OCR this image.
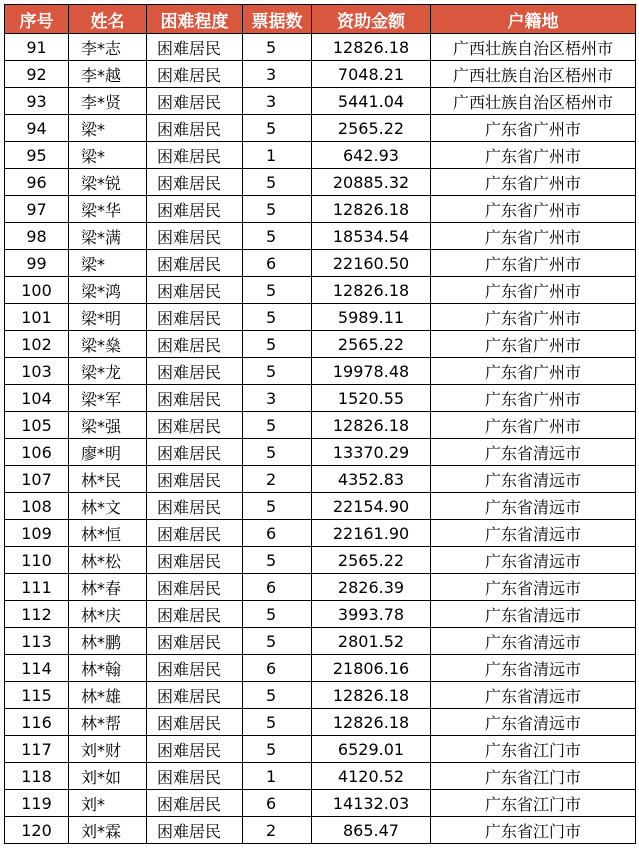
序号	姓名	困难程度	票据数	资助金额	户籍地
91	李*志	困难居民	5	12826.18	广西壮族自治区梧州市
92	李*越	困难居民	3	7048.21	广西壮族自治区梧州市
93	李*贤	困难居民	3	5441.04	广西壮族自治区梧州市
94	梁*	困难居民	5	2565.22	广东省广州市
95	梁*	困难居民	1	642.93	广东省广州市
96	梁*锐	困难居民	5	20885.32	广东省广州市
97	梁*华	困难居民	5	12826.18	广东省广州市
98	梁*满	困难居民	5	18534.54	广东省广州市
99	梁*	困难居民	6	22160.50	广东省广州市
100	梁*鸿	困难居民	5	12826.18	广东省广州市
101	梁*明	困难居民	5	5989.11	广东省广州市
102	梁*燊	困难居民	5	2565.22	广东省广州市
103	梁*龙	困难居民	5	19978.48	广东省广州市
104	梁*军	困难居民	3	1520.55	广东省广州市
105	梁*强	困难居民	5	12826.18	广东省广州市
106	廖*明	困难居民	5	13370.29	广东省清远市
107	林*民	困难居民	2	4352.83	广东省清远市
108	林*文	困难居民	5	22154.90	广东省清远市
109	林*恒	困难居民	6	22161.90	广东省清远市
110	林*松	困难居民	5	2565.22	广东省清远市
111	林*春	困难居民	6	2826.39	广东省清远市
112	林*庆	困难居民	5	3993.78	广东省清远市
113	林*鹏	困难居民	5	2801.52	广东省清远市
114	林*翰	困难居民	6	21806.16	广东省清远市
115	林*雄	困难居民	5	12826.18	广东省清远市
116	林*帮	困难居民	5	12826.18	广东省清远市
117	刘*财	困难居民	5	6529.01	广东省江门市
118	刘*如	困难居民	1	4120.52	广东省江门市
119	刘*	困难居民	6	14132.03	广东省江门市
120	刘*霖	困难居民	2	865.47	广东省江门市
